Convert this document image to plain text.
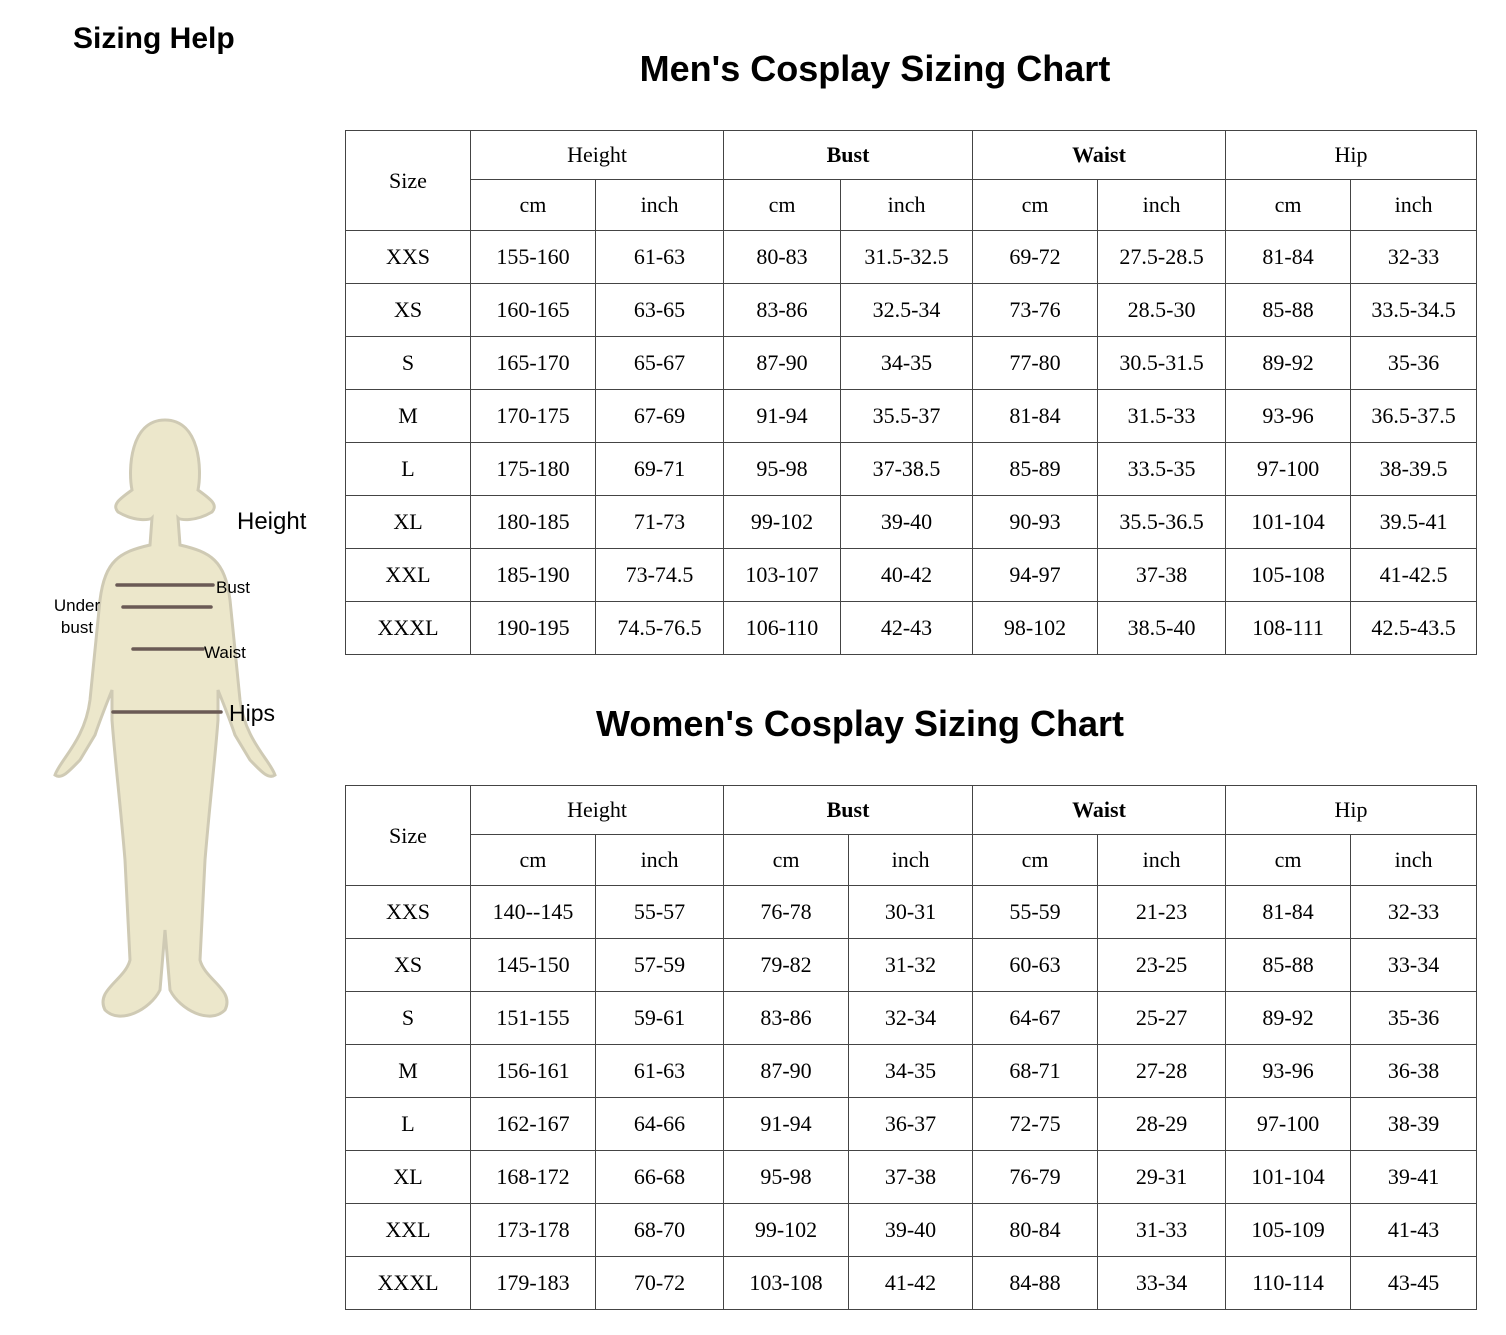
Sizing Help
Height
Bust
Under
bust
Waist
Hips
Men's Cosplay Sizing Chart
Size	Height		Bust		Waist		Hip	
	cm	inch	cm	inch	cm	inch	cm	inch
XXS	155-160	61-63	80-83	31.5-32.5	69-72	27.5-28.5	81-84	32-33
XS	160-165	63-65	83-86	32.5-34	73-76	28.5-30	85-88	33.5-34.5
S	165-170	65-67	87-90	34-35	77-80	30.5-31.5	89-92	35-36
M	170-175	67-69	91-94	35.5-37	81-84	31.5-33	93-96	36.5-37.5
L	175-180	69-71	95-98	37-38.5	85-89	33.5-35	97-100	38-39.5
XL	180-185	71-73	99-102	39-40	90-93	35.5-36.5	101-104	39.5-41
XXL	185-190	73-74.5	103-107	40-42	94-97	37-38	105-108	41-42.5
XXXL	190-195	74.5-76.5	106-110	42-43	98-102	38.5-40	108-111	42.5-43.5
Women's Cosplay Sizing Chart
Size	Height		Bust		Waist		Hip	
	cm	inch	cm	inch	cm	inch	cm	inch
XXS	140--145	55-57	76-78	30-31	55-59	21-23	81-84	32-33
XS	145-150	57-59	79-82	31-32	60-63	23-25	85-88	33-34
S	151-155	59-61	83-86	32-34	64-67	25-27	89-92	35-36
M	156-161	61-63	87-90	34-35	68-71	27-28	93-96	36-38
L	162-167	64-66	91-94	36-37	72-75	28-29	97-100	38-39
XL	168-172	66-68	95-98	37-38	76-79	29-31	101-104	39-41
XXL	173-178	68-70	99-102	39-40	80-84	31-33	105-109	41-43
XXXL	179-183	70-72	103-108	41-42	84-88	33-34	110-114	43-45
